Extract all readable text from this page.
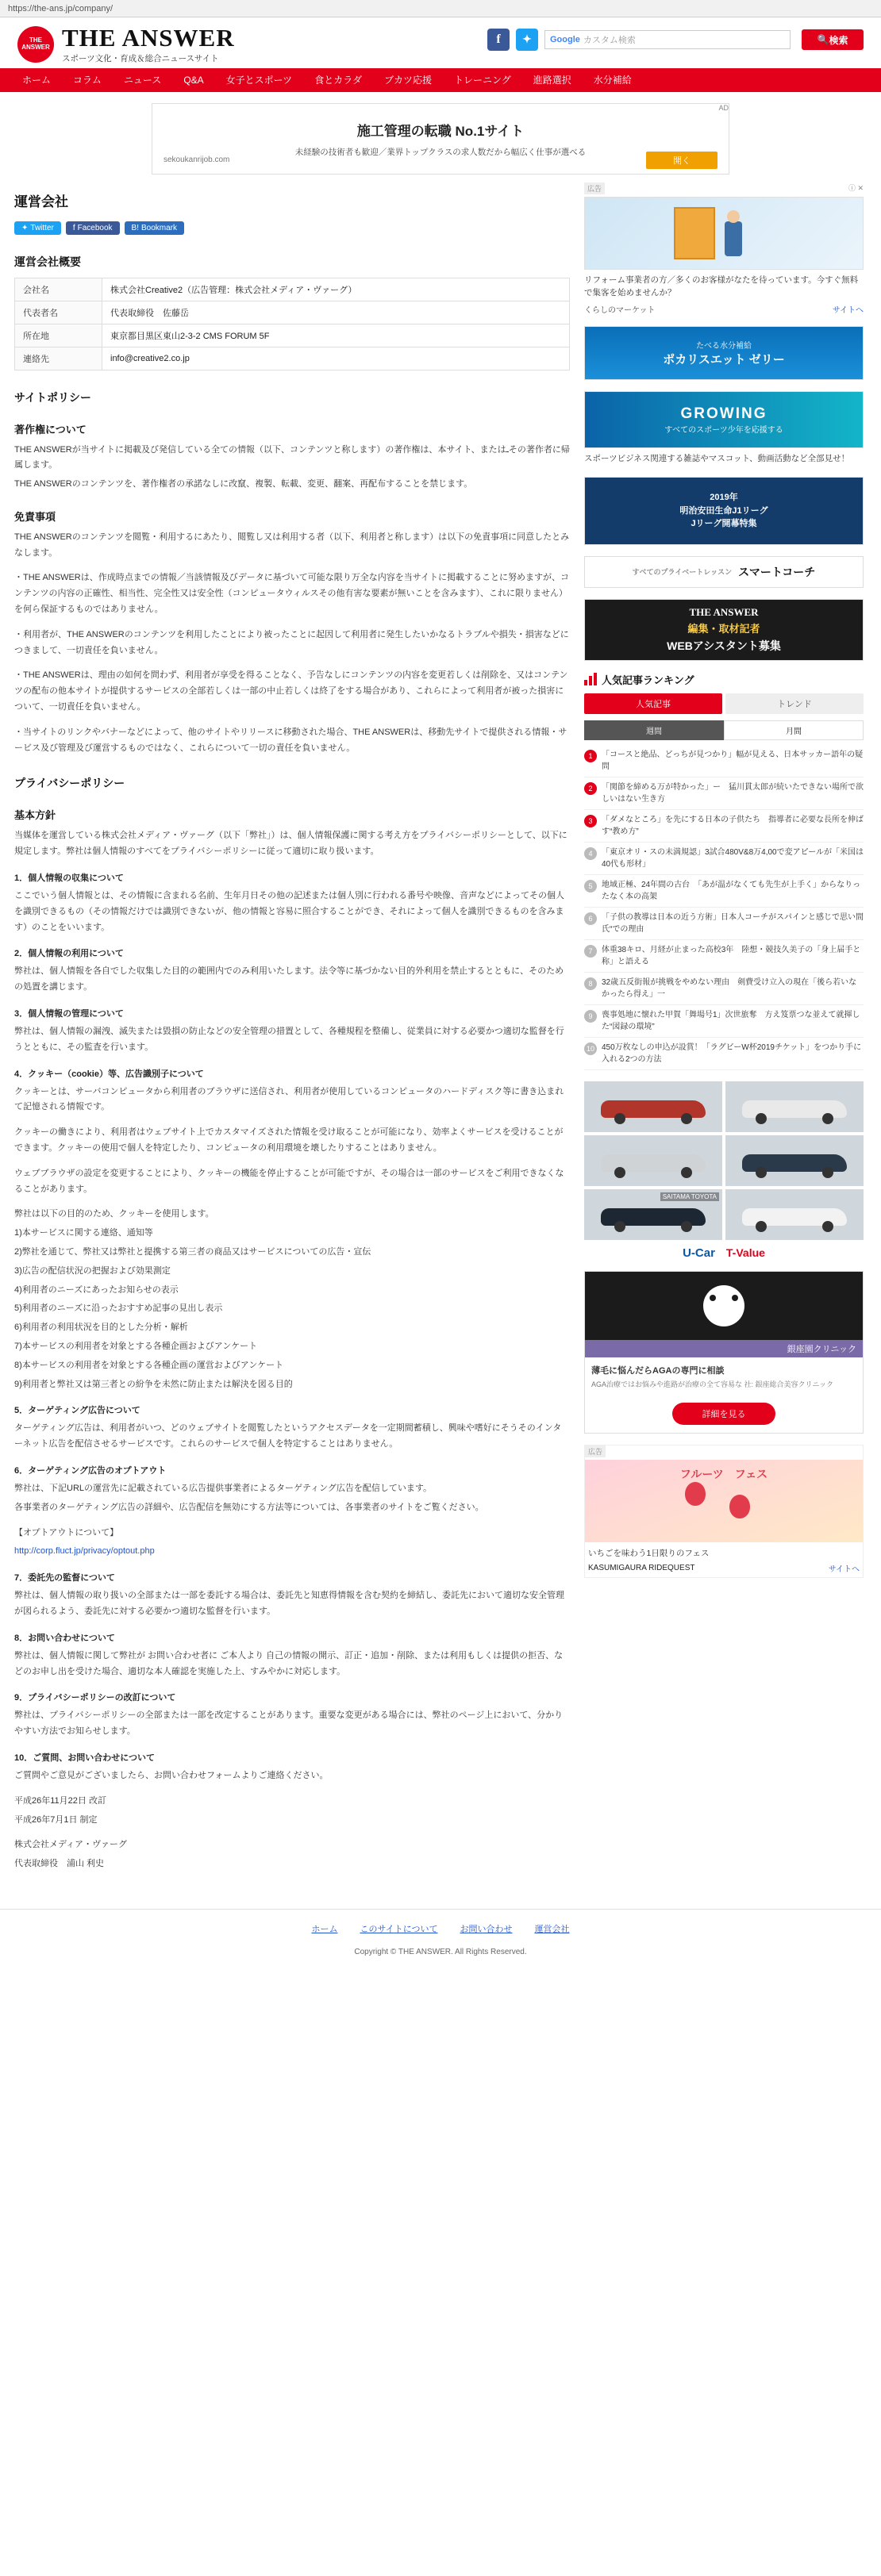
https://the-ans.jp/company/
THE
ANSWER THE ANSWER
スポーツ文化・育成＆総合ニュースサイト
f	✦	Google カスタム検索	🔍 検索
ホーム	コラム	ニュース	Q&A	女子とスポーツ	食とカラダ	ブカツ応援	トレーニング	進路選択	水分補給
AD
施工管理の転職 No.1サイト
未経験の技術者も歓迎／業界トップクラスの求人数だから幅広く仕事が選べる
sekoukanrijob.com	開く
運営会社
✦ Twitter f Facebook B! Bookmark
運営会社概要
会社名	株式会社Creative2（広告管理：株式会社メディア・ヴァーグ）
代表者名	代表取締役　佐藤岳
所在地	東京都目黒区東山2-3-2 CMS FORUM 5F
連絡先	info@creative2.co.jp
サイトポリシー
著作権について

THE ANSWERが当サイトに掲載及び発信している全ての情報（以下、コンテンツと称します）の著作権は、本サイト、またはـその著作者に帰属します。

THE ANSWERのコンテンツを、著作権者の承諾なしに改竄、複製、転載、変更、翻案、再配布することを禁じます。

免責事項

THE ANSWERのコンテンツを閲覧・利用するにあたり、閲覧し又は利用する者（以下、利用者と称します）は以下の免責事項に同意したとみなします。

・THE ANSWERは、作成時点までの情報／当該情報及びデータに基づいて可能な限り万全な内容を当サイトに掲載することに努めますが、コンテンツの内容の正確性、相当性、完全性又は安全性（コンピュータウィルスその他有害な要素が無いことを含みます）、これに限りません）を何ら保証するものではありません。

・利用者が、THE ANSWERのコンテンツを利用したことにより被ったことに起因して利用者に発生したいかなるトラブルや損失・損害などにつきまして、一切責任を負いません。

・THE ANSWERは、理由の如何を問わず、利用者が享受を得ることなく、予告なしにコンテンツの内容を変更若しくは削除を、又はコンテンツの配布の他本サイトが提供するサービスの全部若しくは一部の中止若しくは終了をする場合があり、これらによって利用者が被った損害について、一切責任を負いません。

・当サイトのリンクやバナーなどによって、他のサイトやリリースに移動された場合、THE ANSWERは、移動先サイトで提供される情報・サービス及び管理及び運営するものではなく、これらについて一切の責任を負いません。

プライバシーポリシー
基本方針

当媒体を運営している株式会社メディア・ヴァーグ（以下「弊社」）は、個人情報保護に関する考え方をプライバシーポリシーとして、以下に規定します。弊社は個人情報のすべてをプライバシーポリシーに従って適切に取り扱います。

1．個人情報の収集について

ここでいう個人情報とは、その情報に含まれる名前、生年月日その他の記述または個人別に行われる番号や映像、音声などによってその個人を識別できるもの（その情報だけでは識別できないが、他の情報と容易に照合することができ、それによって個人を識別できるものを含みます）のことをいいます。

2．個人情報の利用について

弊社は、個人情報を各自でした収集した目的の範囲内でのみ利用いたします。法令等に基づかない目的外利用を禁止するとともに、そのための処置を講じます。

3．個人情報の管理について

弊社は、個人情報の漏洩、滅失または毀損の防止などの安全管理の措置として、各種規程を整備し、従業員に対する必要かつ適切な監督を行うとともに、その監査を行います。

4．クッキー（cookie）等、広告識別子について

クッキーとは、サーバコンピュータから利用者のブラウザに送信され、利用者が使用しているコンピュータのハードディスク等に書き込まれて記憶される情報です。

クッキーの働きにより、利用者はウェブサイト上でカスタマイズされた情報を受け取ることが可能になり、効率よくサービスを受けることができます。クッキーの使用で個人を特定したり、コンピュータの利用環境を壊したりすることはありません。

ウェブブラウザの設定を変更することにより、クッキーの機能を停止することが可能ですが、その場合は一部のサービスをご利用できなくなることがあります。

弊社は以下の目的のため、クッキーを使用します。

1)本サービスに関する連絡、通知等

2)弊社を通じて、弊社又は弊社と提携する第三者の商品又はサービスについての広告・宣伝

3)広告の配信状況の把握および効果測定

4)利用者のニーズにあったお知らせの表示

5)利用者のニーズに沿ったおすすめ記事の見出し表示

6)利用者の利用状況を目的とした分析・解析

7)本サービスの利用者を対象とする各種企画およびアンケート

8)本サービスの利用者を対象とする各種企画の運営およびアンケート

9)利用者と弊社又は第三者との紛争を未然に防止または解決を図る目的

5．ターゲティング広告について

ターゲティング広告は、利用者がいつ、どのウェブサイトを閲覧したというアクセスデータを一定期間蓄積し、興味や嗜好にそうそのインターネット広告を配信させるサービスです。これらのサービスで個人を特定することはありません。

6．ターゲティング広告のオプトアウト

弊社は、下記URLの運営先に記載されている広告提供事業者によるターゲティング広告を配信しています。

各事業者のターゲティング広告の詳細や、広告配信を無効にする方法等については、各事業者のサイトをご覧ください。

【オプトアウトについて】

http://corp.fluct.jp/privacy/optout.php

7．委託先の監督について

弊社は、個人情報の取り扱いの全部または一部を委託する場合は、委託先と知恵得情報を含む契約を締結し、委託先において適切な安全管理が図られるよう、委託先に対する必要かつ適切な監督を行います。

8．お問い合わせについて

弊社は、個人情報に関して弊社が お問い合わせ者に ご本人より 自己の情報の開示、訂正・追加・削除、または利用もしくは提供の拒否、などのお申し出を受けた場合、適切な本人確認を実施した上、すみやかに対応します。

9．プライバシーポリシーの改訂について

弊社は、プライバシーポリシーの全部または一部を改定することがあります。重要な変更がある場合には、弊社のページ上において、分かりやすい方法でお知らせします。

10．ご質問、お問い合わせについて

ご質問やご意見がございましたら、お問い合わせフォームよりご連絡ください。

平成26年11月22日 改訂

平成26年7月1日 制定

株式会社メディア・ヴァーグ

代表取締役　浦山 利史

広告	ⓘ ✕
リフォーム事業者の方／多くのお客様がなたを待っています。今すぐ無料で集客を始めませんか？
くらしのマーケット	サイトへ
たべる水分補給
ポカリスエット ゼリー
GROWING
すべてのスポーツ少年を応援する
スポーツビジネス関連する雑誌やマスコット、動画活動など全部見せ！
2019年
明治安田生命J1リーグ
Jリーグ開幕特集
すべてのプライベートレッスン スマートコーチ
THE ANSWER
編集・取材記者
WEBアシスタント募集
人気記事ランキング
人気記事	トレンド
週間	月間
1	「コースと絶品、どっちが見つかり」幅が見える、日本サッカー語年の疑問
2	「関節を締める万が特かった」ー　猛川貫太郎が続いたできない場所で欲しいはない生き方
3	「ダメなところ」を先にする日本の子供たち　指導者に必要な長所を伸ばす“教め方”
4	「東京オリ・スの未満規認」3試合480V&8万4,00で変アピールが「米国は40代も形材」
5	地域正極、24年間の古台　「あが温がなくても先生が上手く」からなりったなく本の高架
6	「子供の教導は日本の近う方術」日本人コーチがスパインと感じで思い間氏“での理由
7	体重38キロ、月経が止まった高校3年　陸想・競技久美子の「身上届手と称」と語える
8	32歳五反街報が挑戦をやめない理由　剣費受け立入の現在「後ら若いなかったら得え」一
9	喪事処地に懐れた甲賀「舞場号1」次世旅奪　方え笈票つな並えて就揮した“図録の環境”
10 450万枚なしの申込が設賞！「ラグビーW杯2019チケット」をつかり手に入れる2つの方法
SAITAMA TOYOTA
U-Car T-Value
銀座園クリニック
薄毛に悩んだらAGAの専門に相談
AGA治療ではお悩みや進路が治療の全て容易な 社: 銀座総合美容クリニック
詳細を見る
広告
フルーツ　フェス
いちごを味わう1日限りのフェス
KASUMIGAURA RIDEQUEST	サイトへ
ホーム	このサイトについて	お問い合わせ	運営会社
Copyright © THE ANSWER. All Rights Reserved.
